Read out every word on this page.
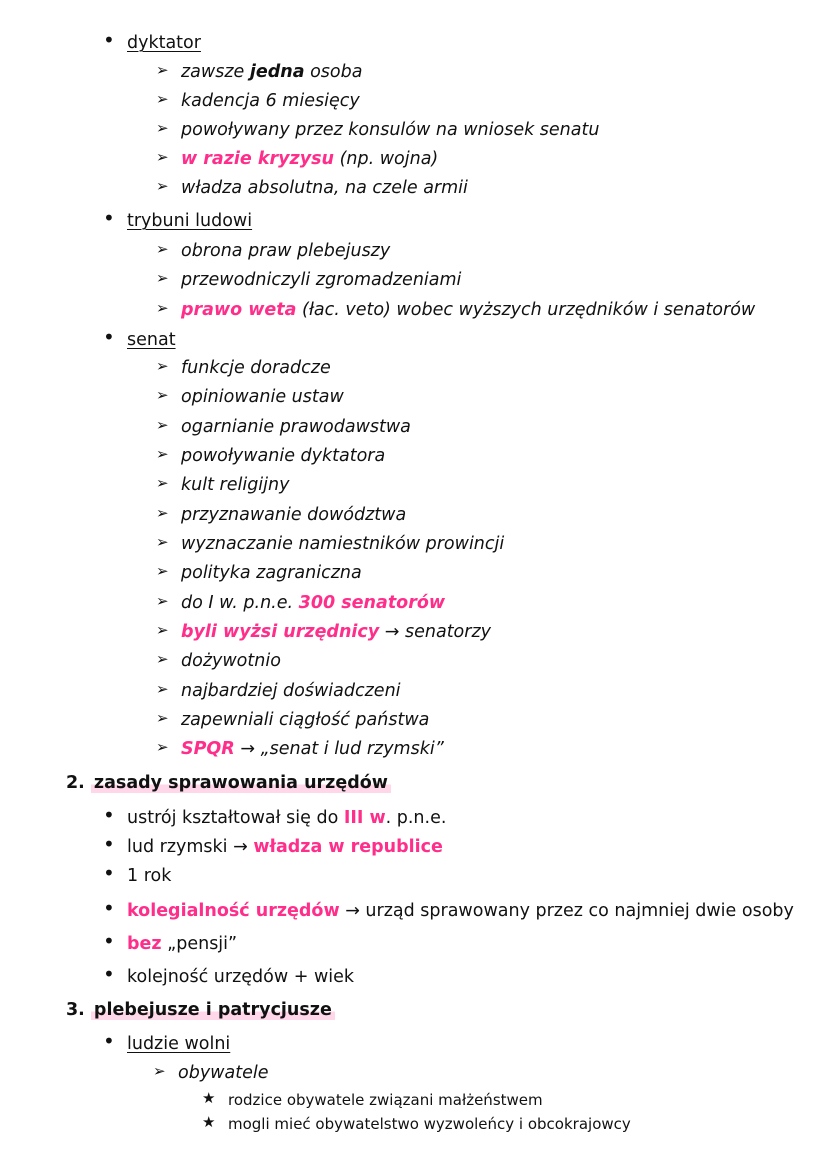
• dyktator
➢ zawsze jedna osoba
➢ kadencja 6 miesięcy
➢ powoływany przez konsulów na wniosek senatu
➢ w razie kryzysu (np. wojna)
➢ władza absolutna, na czele armii
• trybuni ludowi
➢ obrona praw plebejuszy
➢ przewodniczyli zgromadzeniami
➢ prawo weta (łac. veto) wobec wyższych urzędników i senatorów
• senat
➢ funkcje doradcze
➢ opiniowanie ustaw
➢ ogarnianie prawodawstwa
➢ powoływanie dyktatora
➢ kult religijny
➢ przyznawanie dowództwa
➢ wyznaczanie namiestników prowincji
➢ polityka zagraniczna
➢ do I w. p.n.e. 300 senatorów
➢ byli wyżsi urzędnicy → senatorzy
➢ dożywotnio
➢ najbardziej doświadczeni
➢ zapewniali ciągłość państwa
➢ SPQR → „senat i lud rzymski”
2. zasady sprawowania urzędów
• ustrój kształtował się do III w. p.n.e.
• lud rzymski → władza w republice
• 1 rok
• kolegialność urzędów → urząd sprawowany przez co najmniej dwie osoby
• bez „pensji”
• kolejność urzędów + wiek
3. plebejusze i patrycjusze
• ludzie wolni
➢ obywatele
★ rodzice obywatele związani małżeństwem
★ mogli mieć obywatelstwo wyzwoleńcy i obcokrajowcy
